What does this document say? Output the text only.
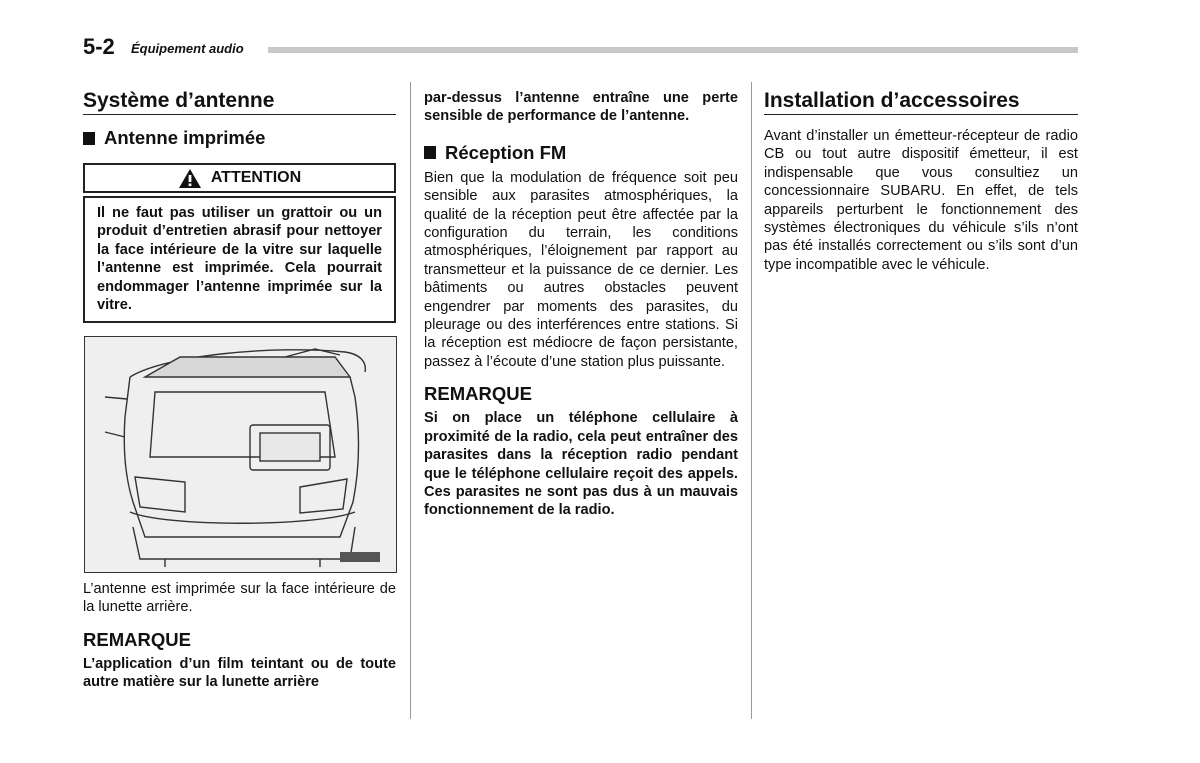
5-2 Équipement audio
Système d’antenne
Antenne imprimée
ATTENTION
Il ne faut pas utiliser un grattoir ou un produit d’entretien abrasif pour nettoyer la face intérieure de la vitre sur laquelle l’antenne est imprimée. Cela pourrait endommager l’antenne imprimée sur la vitre.

L’antenne est imprimée sur la face intérieure de la lunette arrière.

REMARQUE

L’application d’un film teintant ou de toute autre matière sur la lunette arrière

par-dessus l’antenne entraîne une perte sensible de performance de l’antenne.

Réception FM

Bien que la modulation de fréquence soit peu sensible aux parasites atmosphériques, la qualité de la réception peut être affectée par la configuration du terrain, les conditions atmosphériques, l’éloignement par rapport au transmetteur et la puissance de ce dernier. Les bâtiments ou autres obstacles peuvent engendrer par moments des parasites, du pleurage ou des interférences entre stations. Si la réception est médiocre de façon persistante, passez à l’écoute d’une station plus puissante.

REMARQUE

Si on place un téléphone cellulaire à proximité de la radio, cela peut entraîner des parasites dans la réception radio pendant que le téléphone cellulaire reçoit des appels. Ces parasites ne sont pas dus à un mauvais fonctionnement de la radio.

Installation d’accessoires

Avant d’installer un émetteur-récepteur de radio CB ou tout autre dispositif émetteur, il est indispensable que vous consultiez un concessionnaire SUBARU. En effet, de tels appareils perturbent le fonctionnement des systèmes électroniques du véhicule s’ils n’ont pas été installés correctement ou s’ils sont d’un type incompatible avec le véhicule.
